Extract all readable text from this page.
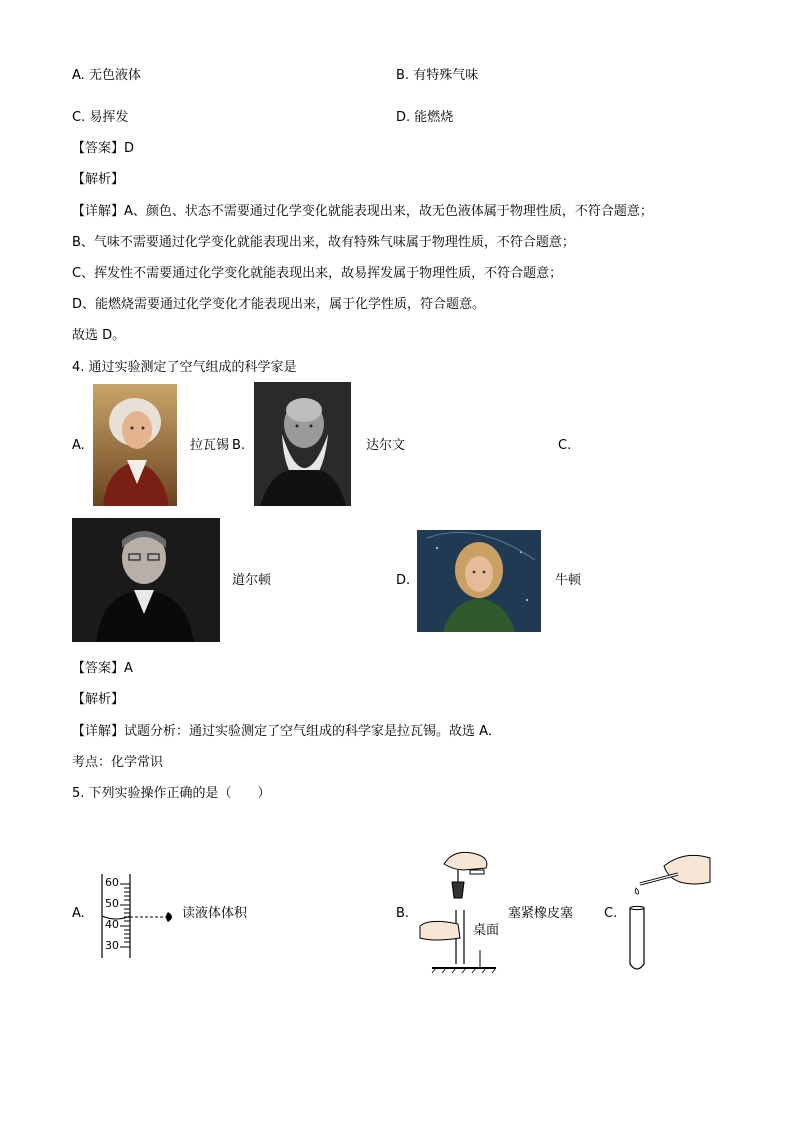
A. 无色液体	B. 有特殊气味
C. 易挥发	D. 能燃烧
【答案】D
【解析】
【详解】A、颜色、状态不需要通过化学变化就能表现出来，故无色液体属于物理性质，不符合题意；
B、气味不需要通过化学变化就能表现出来，故有特殊气味属于物理性质，不符合题意；
C、挥发性不需要通过化学变化就能表现出来，故易挥发属于物理性质，不符合题意；
D、能燃烧需要通过化学变化才能表现出来，属于化学性质，符合题意。
故选 D。
4. 通过实验测定了空气组成的科学家是
A.	拉瓦锡 B.	达尔文	C.
道尔顿	D.	牛顿
【答案】A
【解析】
【详解】试题分析：通过实验测定了空气组成的科学家是拉瓦锡。故选 A．
考点：化学常识
5. 下列实验操作正确的是（　　）
A.
60
50
40
30
读液体体积	B.
桌面
塞紧橡皮塞 C.
